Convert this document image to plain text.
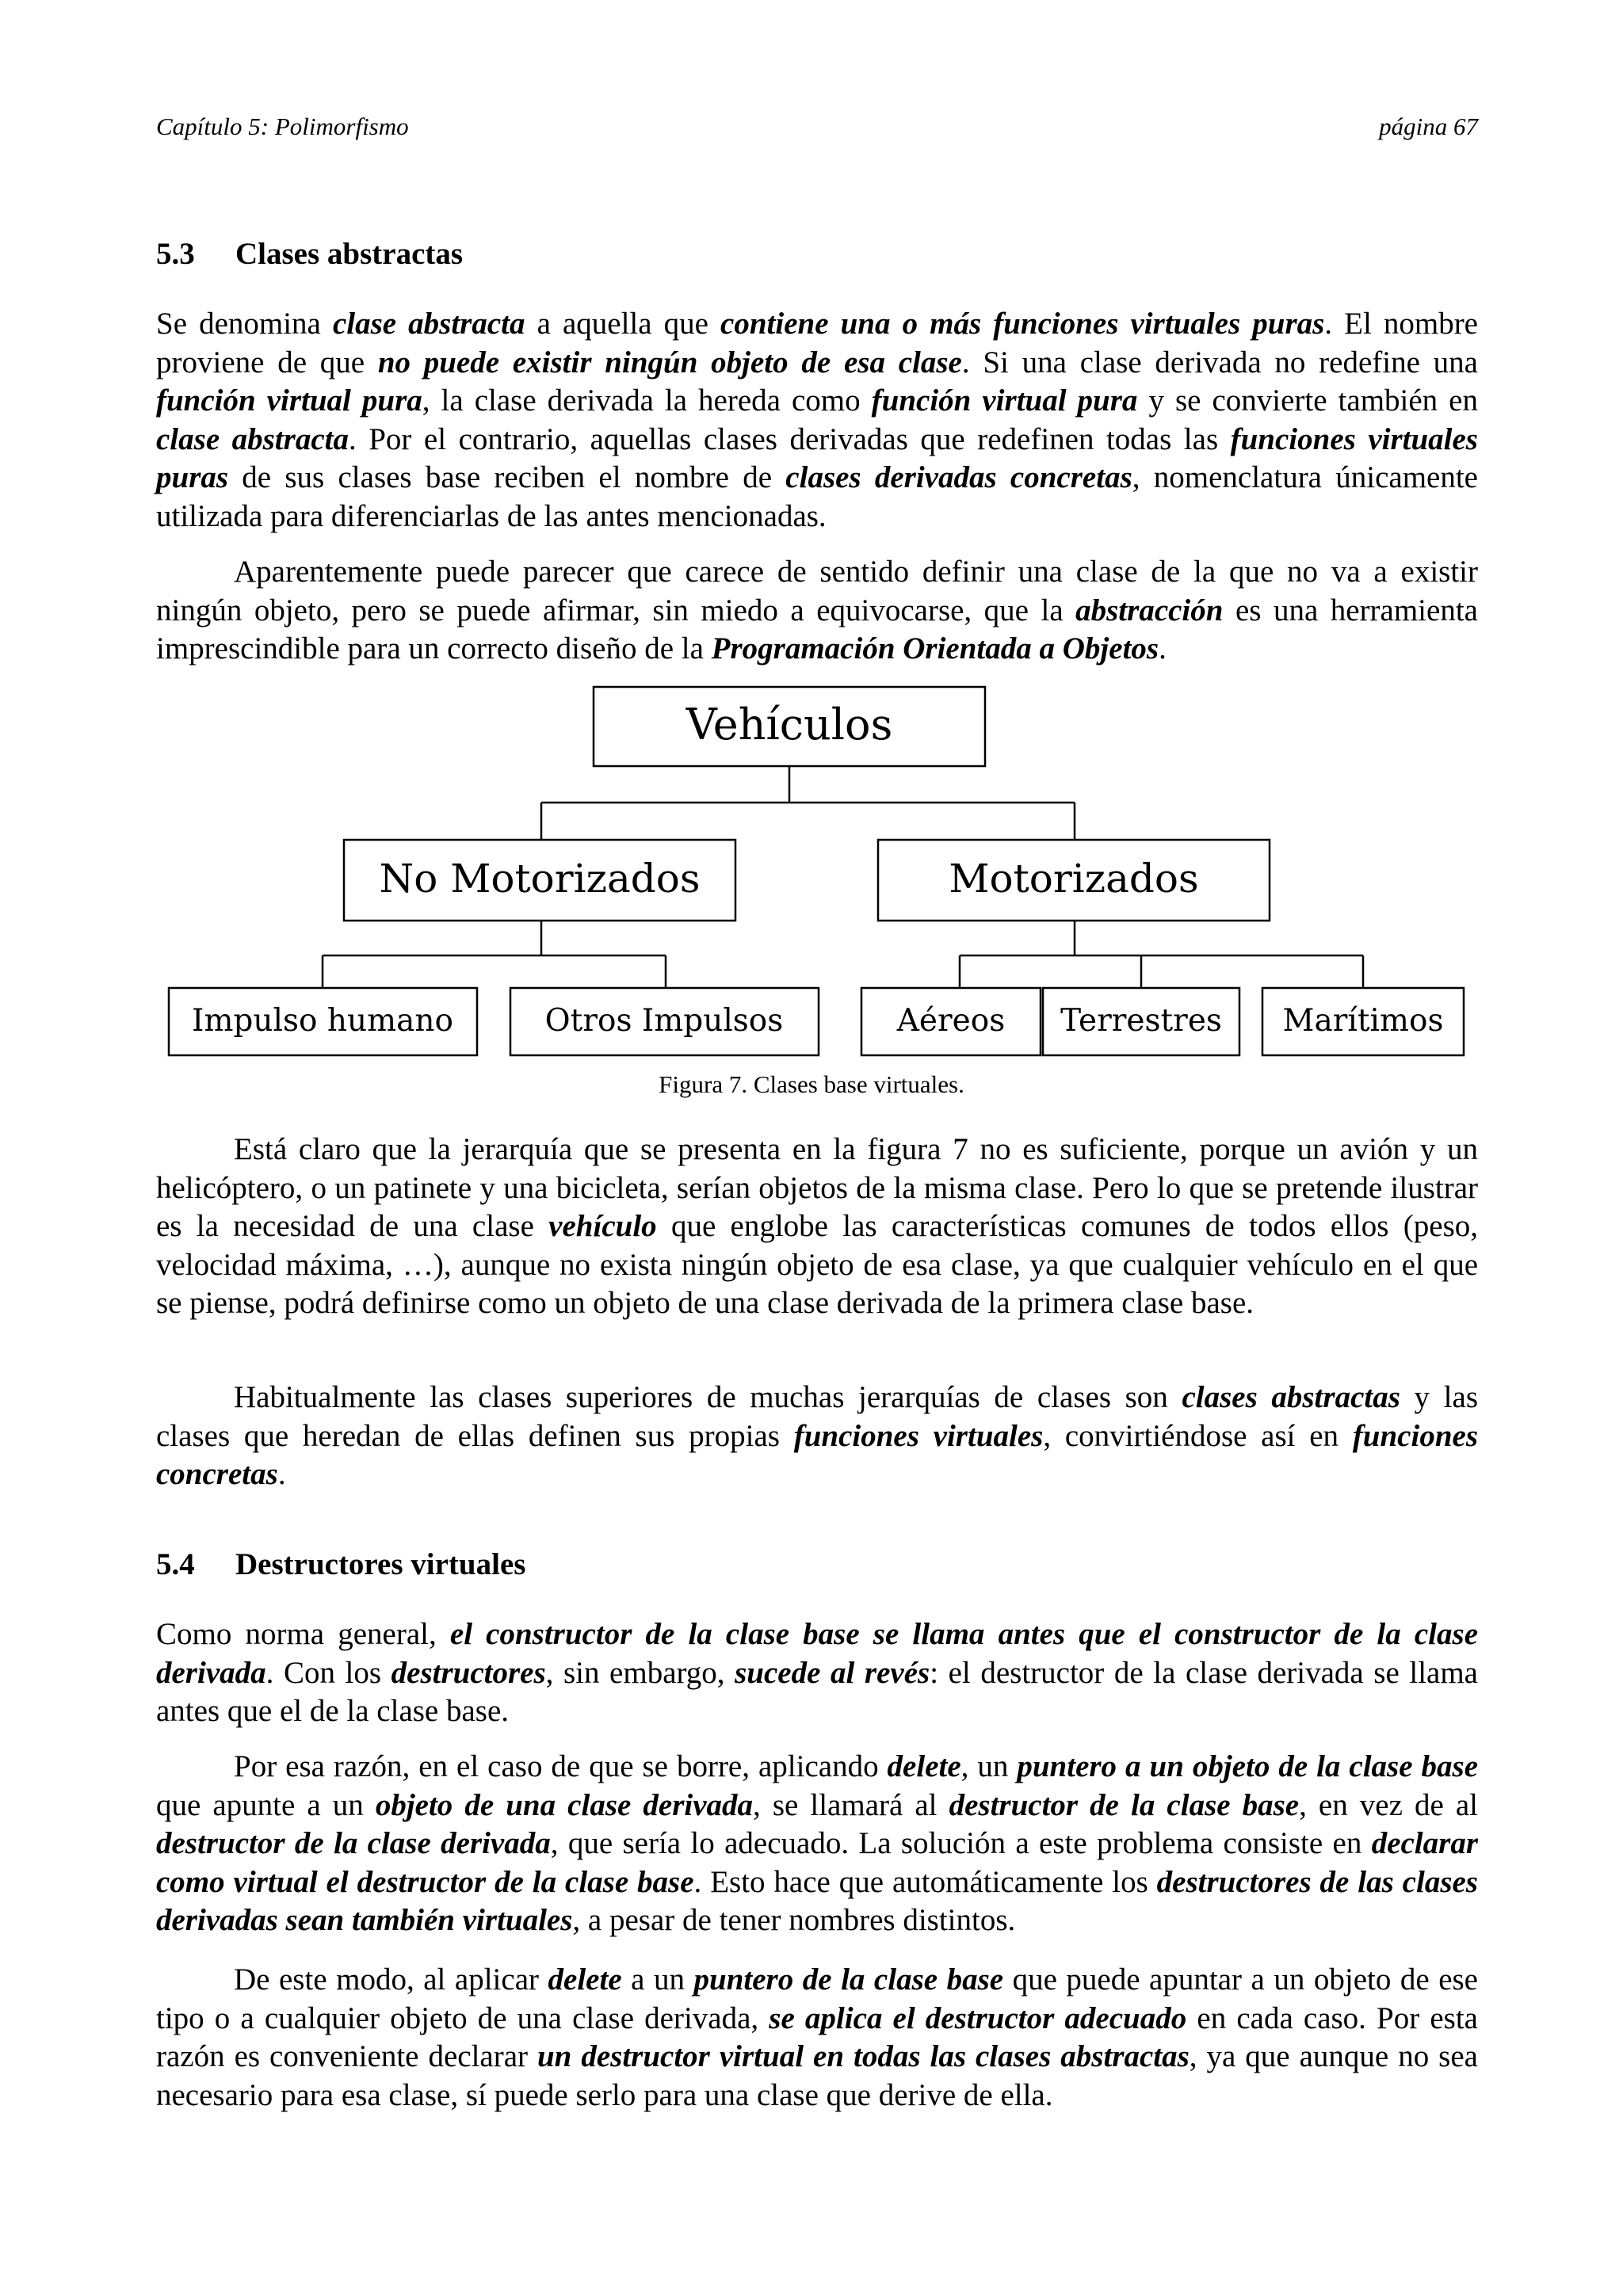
Capítulo 5: Polimorfismo	página 67
5.3 Clases abstractas

Se denomina clase abstracta a aquella que contiene una o más funciones virtuales puras. El nombre proviene de que no puede existir ningún objeto de esa clase. Si una clase derivada no redefine una función virtual pura, la clase derivada la hereda como función virtual pura y se convierte también en clase abstracta. Por el contrario, aquellas clases derivadas que redefinen todas las funciones virtuales puras de sus clases base reciben el nombre de clases derivadas concretas, nomenclatura únicamente utilizada para diferenciarlas de las antes mencionadas.

Aparentemente puede parecer que carece de sentido definir una clase de la que no va a existir ningún objeto, pero se puede afirmar, sin miedo a equivocarse, que la abstracción es una herramienta imprescindible para un correcto diseño de la Programación Orientada a Objetos.

Vehículos
No Motorizados	Motorizados
Impulso humano	Otros Impulsos	Aéreos Terrestres Marítimos
Figura 7. Clases base virtuales.

Está claro que la jerarquía que se presenta en la figura 7 no es suficiente, porque un avión y un helicóptero, o un patinete y una bicicleta, serían objetos de la misma clase. Pero lo que se pretende ilustrar es la necesidad de una clase vehículo que englobe las características comunes de todos ellos (peso, velocidad máxima, …), aunque no exista ningún objeto de esa clase, ya que cualquier vehículo en el que se piense, podrá definirse como un objeto de una clase derivada de la primera clase base.

Habitualmente las clases superiores de muchas jerarquías de clases son clases abstractas y las clases que heredan de ellas definen sus propias funciones virtuales, convirtiéndose así en funciones concretas.

5.4 Destructores virtuales

Como norma general, el constructor de la clase base se llama antes que el constructor de la clase derivada. Con los destructores, sin embargo, sucede al revés: el destructor de la clase derivada se llama antes que el de la clase base.

Por esa razón, en el caso de que se borre, aplicando delete, un puntero a un objeto de la clase base que apunte a un objeto de una clase derivada, se llamará al destructor de la clase base, en vez de al destructor de la clase derivada, que sería lo adecuado. La solución a este problema consiste en declarar como virtual el destructor de la clase base. Esto hace que automáticamente los destructores de las clases derivadas sean también virtuales, a pesar de tener nombres distintos.

De este modo, al aplicar delete a un puntero de la clase base que puede apuntar a un objeto de ese tipo o a cualquier objeto de una clase derivada, se aplica el destructor adecuado en cada caso. Por esta razón es conveniente declarar un destructor virtual en todas las clases abstractas, ya que aunque no sea necesario para esa clase, sí puede serlo para una clase que derive de ella.
